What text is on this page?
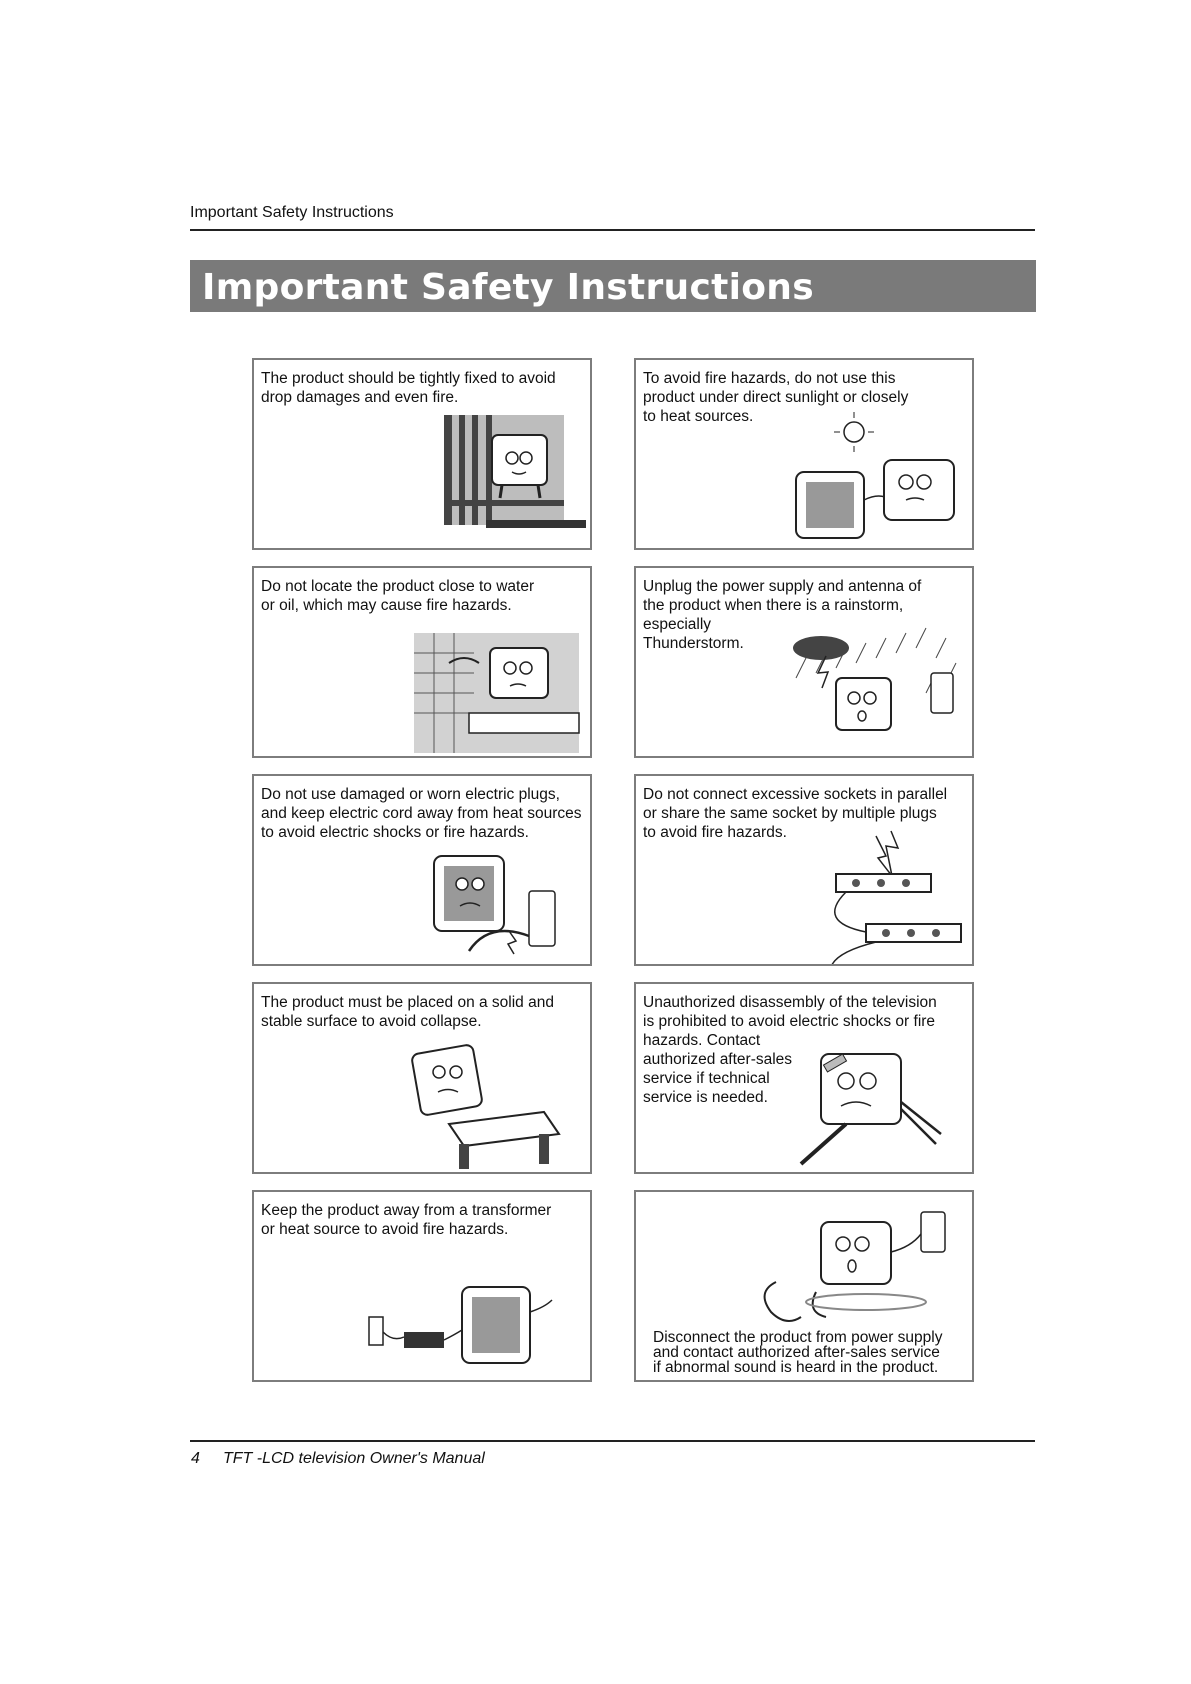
Important Safety Instructions
Important Safety Instructions
The product should be tightly fixed to avoid
drop damages and even fire.
To avoid fire hazards, do not use this
product under direct sunlight or closely
to heat sources.
Do not locate the product close to water
or oil, which may cause fire hazards.
Unplug the power supply and antenna of
the product when there is a rainstorm,
especially
Thunderstorm.
Do not use damaged or worn electric plugs,
and keep electric cord away from heat sources
to avoid electric shocks or fire hazards.
Do not connect excessive sockets in parallel
or share the same socket by multiple plugs
to avoid fire hazards.
The product must be placed on a solid and
stable surface to avoid collapse.
Unauthorized disassembly of the television
is prohibited to avoid electric shocks or fire
hazards. Contact
authorized after-sales
service if technical
service is needed.
Keep the product away from a transformer
or heat source to avoid fire hazards.
Disconnect the product from power supply
and contact authorized after-sales service
if abnormal sound is heard in the product.
4 TFT -LCD television Owner's Manual
